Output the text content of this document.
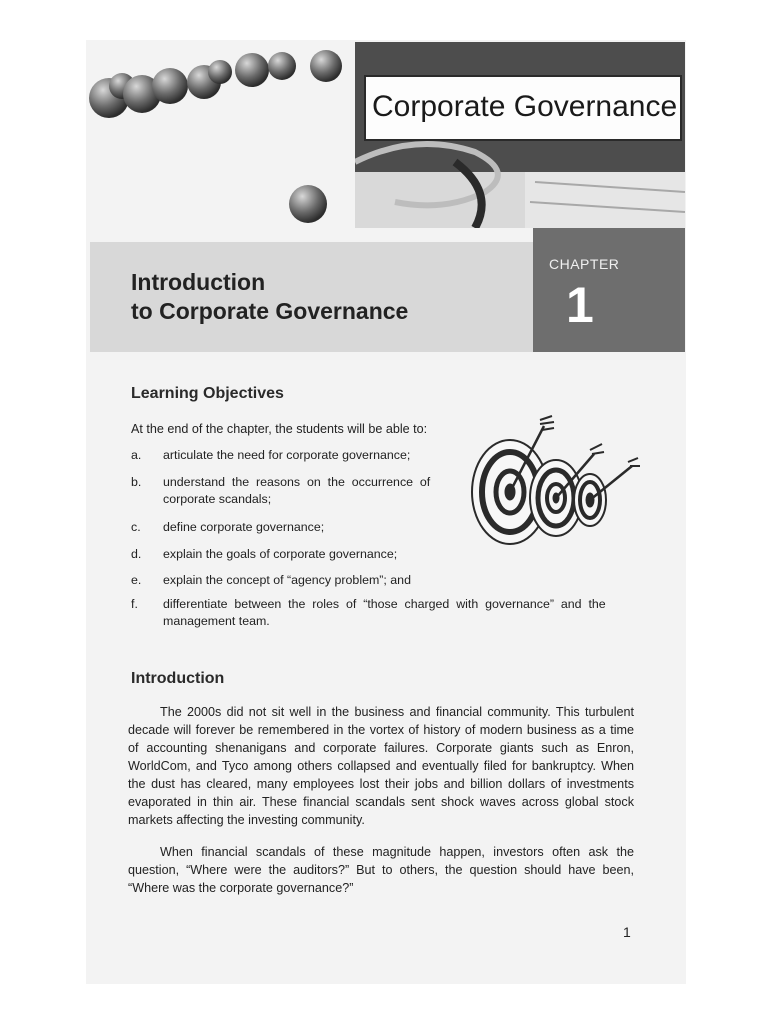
Corporate Governance
CHAPTER
1
Introduction
to Corporate Governance
Learning Objectives
At the end of the chapter, the students will be able to:
a. articulate the need for corporate governance;
b. understand  the  reasons  on  the  occurrence  of
corporate scandals;
c. define corporate governance;
d. explain the goals of corporate governance;
e. explain the concept of “agency problem”; and
f. differentiate  between  the  roles  of  “those  charged  with  governance”  and  the
management team.
Introduction

The 2000s did not sit well in the business and financial community. This turbulent decade will forever be remembered in the vortex of history of modern business as a time of accounting shenanigans and corporate failures. Corporate giants such as Enron, WorldCom, and Tyco among others collapsed and eventually filed for bankruptcy. When the dust has cleared, many employees lost their jobs and billion dollars of investments evaporated in thin air. These financial scandals sent shock waves across global stock markets affecting the investing community.

When financial scandals of these magnitude happen, investors often ask the question, “Where were the auditors?” But to others, the question should have been, “Where was the corporate governance?”

1
